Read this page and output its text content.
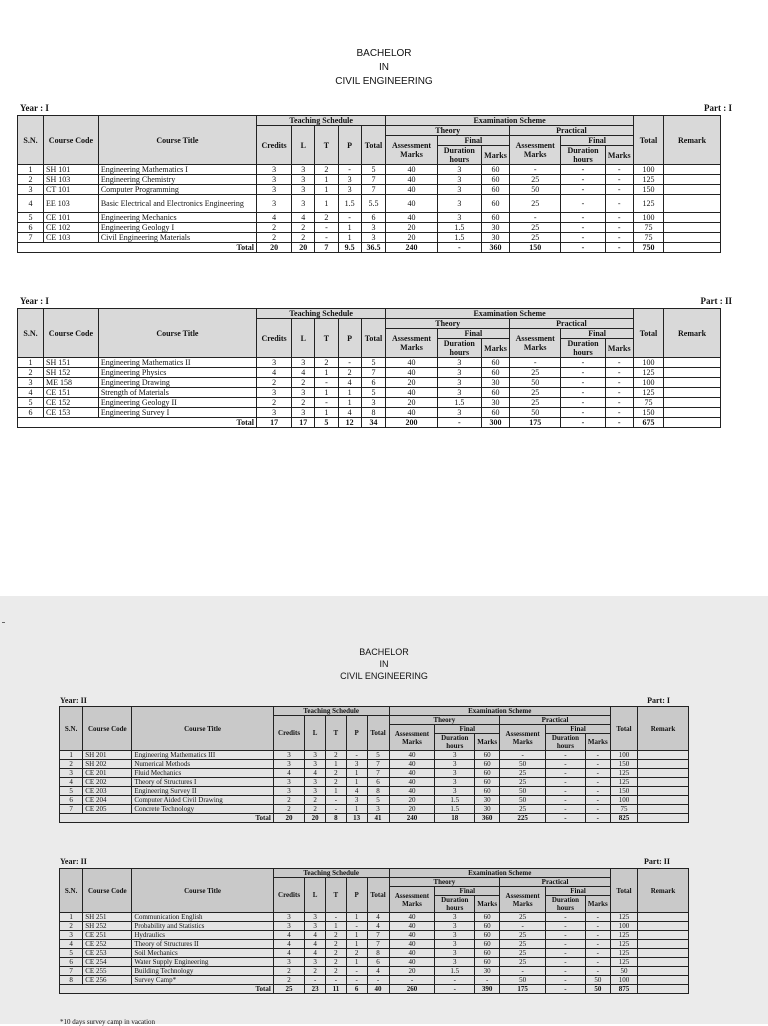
BACHELOR
IN
CIVIL ENGINEERING
Year : I	Part : I
S.N.	Course Code	Course Title	Teaching Schedule					Examination Scheme						Total	Remark
			Credits	L	T	P	Total	Theory			Practical				
								Assessment Marks	Final		Assessment Marks	Final			
									Duration hours	Marks		Duration hours	Marks		
1	SH 101	Engineering Mathematics I	3	3	2	-	5	40	3	60	-	-	-	100	
2	SH 103	Engineering Chemistry	3	3	1	3	7	40	3	60	25	-	-	125	
3	CT 101	Computer Programming	3	3	1	3	7	40	3	60	50	-	-	150	
4	EE 103	Basic Electrical and Electronics Engineering	3	3	1	1.5	5.5	40	3	60	25	-	-	125	
5	CE 101	Engineering Mechanics	4	4	2	-	6	40	3	60	-	-	-	100	
6	CE 102	Engineering Geology I	2	2	-	1	3	20	1.5	30	25	-	-	75	
7	CE 103	Civil Engineering Materials	2	2	-	1	3	20	1.5	30	25	-	-	75	
Total			20	20	7	9.5	36.5	240	-	360	150	-	-	750	
Year : I	Part : II
S.N.	Course Code	Course Title	Teaching Schedule					Examination Scheme						Total	Remark
			Credits	L	T	P	Total	Theory			Practical				
								Assessment Marks	Final		Assessment Marks	Final			
									Duration hours	Marks		Duration hours	Marks		
1	SH 151	Engineering Mathematics II	3	3	2	-	5	40	3	60	-	-	-	100	
2	SH 152	Engineering Physics	4	4	1	2	7	40	3	60	25	-	-	125	
3	ME 158	Engineering Drawing	2	2	-	4	6	20	3	30	50	-	-	100	
4	CE 151	Strength of Materials	3	3	1	1	5	40	3	60	25	-	-	125	
5	CE 152	Engineering Geology II	2	2	-	1	3	20	1.5	30	25	-	-	75	
6	CE 153	Engineering Survey I	3	3	1	4	8	40	3	60	50	-	-	150	
Total			17	17	5	12	34	200	-	300	175	-	-	675	
BACHELOR
IN
CIVIL ENGINEERING
Year: II	Part: I
S.N.	Course Code	Course Title	Teaching Schedule					Examination Scheme						Total	Remark
			Credits	L	T	P	Total	Theory			Practical				
								Assessment Marks	Final		Assessment Marks	Final			
									Duration hours	Marks		Duration hours	Marks		
1	SH 201	Engineering Mathematics III	3	3	2	-	5	40	3	60	-	-	-	100	
2	SH 202	Numerical Methods	3	3	1	3	7	40	3	60	50	-	-	150	
3	CE 201	Fluid Mechanics	4	4	2	1	7	40	3	60	25	-	-	125	
4	CE 202	Theory of Structures I	3	3	2	1	6	40	3	60	25	-	-	125	
5	CE 203	Engineering Survey II	3	3	1	4	8	40	3	60	50	-	-	150	
6	CE 204	Computer Aided Civil Drawing	2	2	-	3	5	20	1.5	30	50	-	-	100	
7	CE 205	Concrete Technology	2	2	-	1	3	20	1.5	30	25	-	-	75	
Total			20	20	8	13	41	240	18	360	225	-	-	825	
Year: II	Part: II
S.N.	Course Code	Course Title	Teaching Schedule					Examination Scheme						Total	Remark
			Credits	L	T	P	Total	Theory			Practical				
								Assessment Marks	Final		Assessment Marks	Final			
									Duration hours	Marks		Duration hours	Marks		
1	SH 251	Communication English	3	3	-	1	4	40	3	60	25	-	-	125	
2	SH 252	Probability and Statistics	3	3	1	-	4	40	3	60	-	-	-	100	
3	CE 251	Hydraulics	4	4	2	1	7	40	3	60	25	-	-	125	
4	CE 252	Theory of Structures II	4	4	2	1	7	40	3	60	25	-	-	125	
5	CE 253	Soil Mechanics	4	4	2	2	8	40	3	60	25	-	-	125	
6	CE 254	Water Supply Engineering	3	3	2	1	6	40	3	60	25	-	-	125	
7	CE 255	Building Technology	2	2	2	-	4	20	1.5	30	-	-	-	50	
8	CE 256	Survey Camp*	2	-	-	-	-	-	-	-	50	-	50	100	
Total			25	23	11	6	40	260	-	390	175	-	50	875	
*10 days survey camp in vacation
